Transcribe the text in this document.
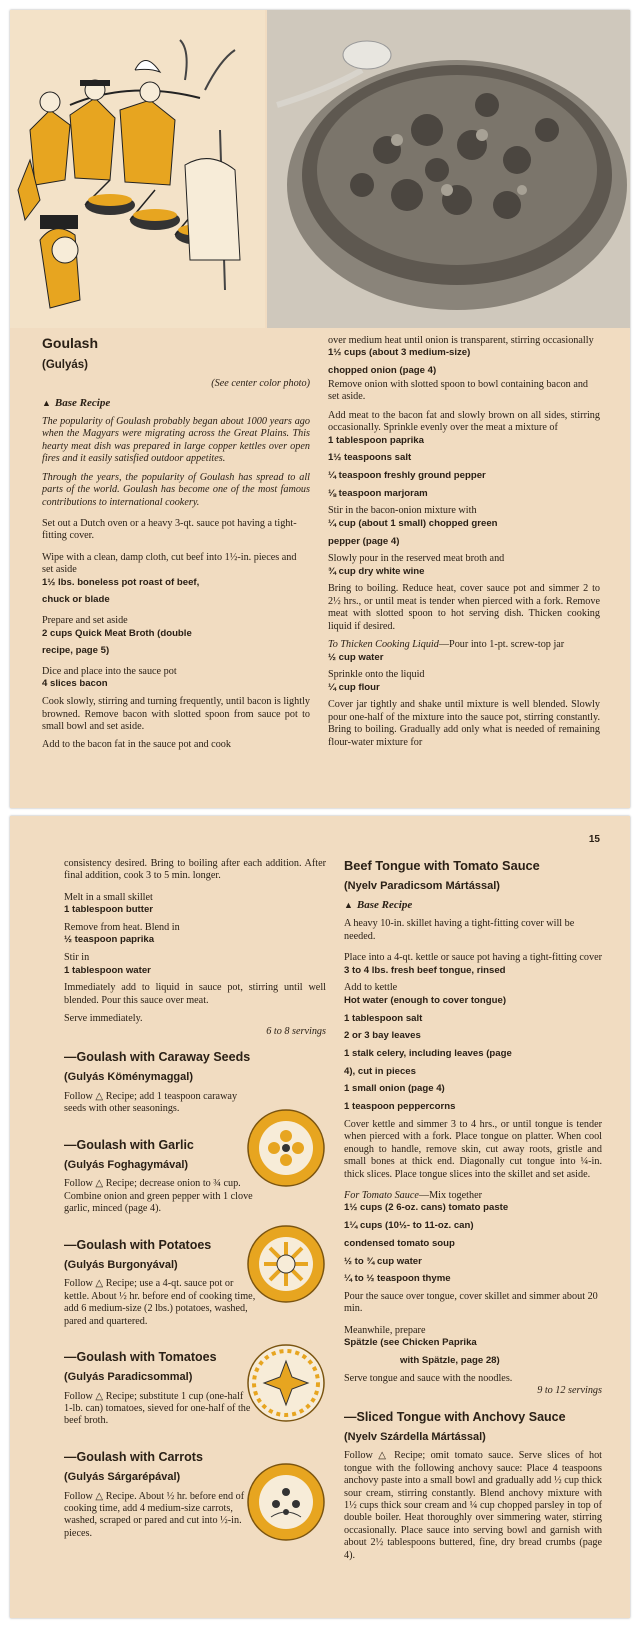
Goulash

(Gulyás)

(See center color photo)

▲ Base Recipe

The popularity of Goulash probably began about 1000 years ago when the Magyars were migrating across the Great Plains. This hearty meat dish was prepared in large copper kettles over open fires and it easily satisfied outdoor appetites.

Through the years, the popularity of Goulash has spread to all parts of the world. Goulash has become one of the most famous contributions to international cookery.

Set out a Dutch oven or a heavy 3-qt. sauce pot having a tight-fitting cover.

Wipe with a clean, damp cloth, cut beef into 1½-in. pieces and set aside

1½ lbs. boneless pot roast of beef,

chuck or blade

Prepare and set aside

2 cups Quick Meat Broth (double

recipe, page 5)

Dice and place into the sauce pot

4 slices bacon

Cook slowly, stirring and turning frequently, until bacon is lightly browned. Remove bacon with slotted spoon from sauce pot to small bowl and set aside.

Add to the bacon fat in the sauce pot and cook

over medium heat until onion is transparent, stirring occasionally

1½ cups (about 3 medium-size)

chopped onion (page 4)

Remove onion with slotted spoon to bowl containing bacon and set aside.

Add meat to the bacon fat and slowly brown on all sides, stirring occasionally. Sprinkle evenly over the meat a mixture of

1 tablespoon paprika

1½ teaspoons salt

¼ teaspoon freshly ground pepper

⅛ teaspoon marjoram

Stir in the bacon-onion mixture with

¼ cup (about 1 small) chopped green

pepper (page 4)

Slowly pour in the reserved meat broth and

¾ cup dry white wine

Bring to boiling. Reduce heat, cover sauce pot and simmer 2 to 2½ hrs., or until meat is tender when pierced with a fork. Remove meat with slotted spoon to hot serving dish. Thicken cooking liquid if desired.

To Thicken Cooking Liquid—Pour into 1-pt. screw-top jar

½ cup water

Sprinkle onto the liquid

¼ cup flour

Cover jar tightly and shake until mixture is well blended. Slowly pour one-half of the mixture into the sauce pot, stirring constantly. Bring to boiling. Gradually add only what is needed of remaining flour-water mixture for

15

consistency desired. Bring to boiling after each addition. After final addition, cook 3 to 5 min. longer.

Melt in a small skillet

1 tablespoon butter

Remove from heat. Blend in

½ teaspoon paprika

Stir in

1 tablespoon water

Immediately add to liquid in sauce pot, stirring until well blended. Pour this sauce over meat.

Serve immediately.

6 to 8 servings

—Goulash with Caraway Seeds

(Gulyás Köménymaggal)

Follow △ Recipe; add 1 teaspoon caraway seeds with other seasonings.

—Goulash with Garlic

(Gulyás Foghagymával)

Follow △ Recipe; decrease onion to ¾ cup. Combine onion and green pepper with 1 clove garlic, minced (page 4).

—Goulash with Potatoes

(Gulyás Burgonyával)

Follow △ Recipe; use a 4-qt. sauce pot or kettle. About ½ hr. before end of cooking time, add 6 medium-size (2 lbs.) potatoes, washed, pared and quartered.

—Goulash with Tomatoes

(Gulyás Paradicsommal)

Follow △ Recipe; substitute 1 cup (one-half 1-lb. can) tomatoes, sieved for one-half of the beef broth.

—Goulash with Carrots

(Gulyás Sárgarépával)

Follow △ Recipe. About ½ hr. before end of cooking time, add 4 medium-size carrots, washed, scraped or pared and cut into ½-in. pieces.

Beef Tongue with Tomato Sauce

(Nyelv Paradicsom Mártással)

▲ Base Recipe

A heavy 10-in. skillet having a tight-fitting cover will be needed.

Place into a 4-qt. kettle or sauce pot having a tight-fitting cover

3 to 4 lbs. fresh beef tongue, rinsed

Add to kettle

Hot water (enough to cover tongue)

1 tablespoon salt

2 or 3 bay leaves

1 stalk celery, including leaves (page

4), cut in pieces

1 small onion (page 4)

1 teaspoon peppercorns

Cover kettle and simmer 3 to 4 hrs., or until tongue is tender when pierced with a fork. Place tongue on platter. When cool enough to handle, remove skin, cut away roots, gristle and small bones at thick end. Diagonally cut tongue into ¼-in. thick slices. Place tongue slices into the skillet and set aside.

For Tomato Sauce—Mix together

1½ cups (2 6-oz. cans) tomato paste

1¼ cups (10½- to 11-oz. can)

condensed tomato soup

½ to ¾ cup water

¼ to ½ teaspoon thyme

Pour the sauce over tongue, cover skillet and simmer about 20 min.

Meanwhile, prepare

Spätzle (see Chicken Paprika

with Spätzle, page 28)

Serve tongue and sauce with the noodles.

9 to 12 servings

—Sliced Tongue with Anchovy Sauce

(Nyelv Szárdella Mártással)

Follow △ Recipe; omit tomato sauce. Serve slices of hot tongue with the following anchovy sauce: Place 4 teaspoons anchovy paste into a small bowl and gradually add ½ cup thick sour cream, stirring constantly. Blend anchovy mixture with 1½ cups thick sour cream and ¼ cup chopped parsley in top of double boiler. Heat thoroughly over simmering water, stirring occasionally. Place sauce into serving bowl and garnish with about 2½ tablespoons buttered, fine, dry bread crumbs (page 4).
